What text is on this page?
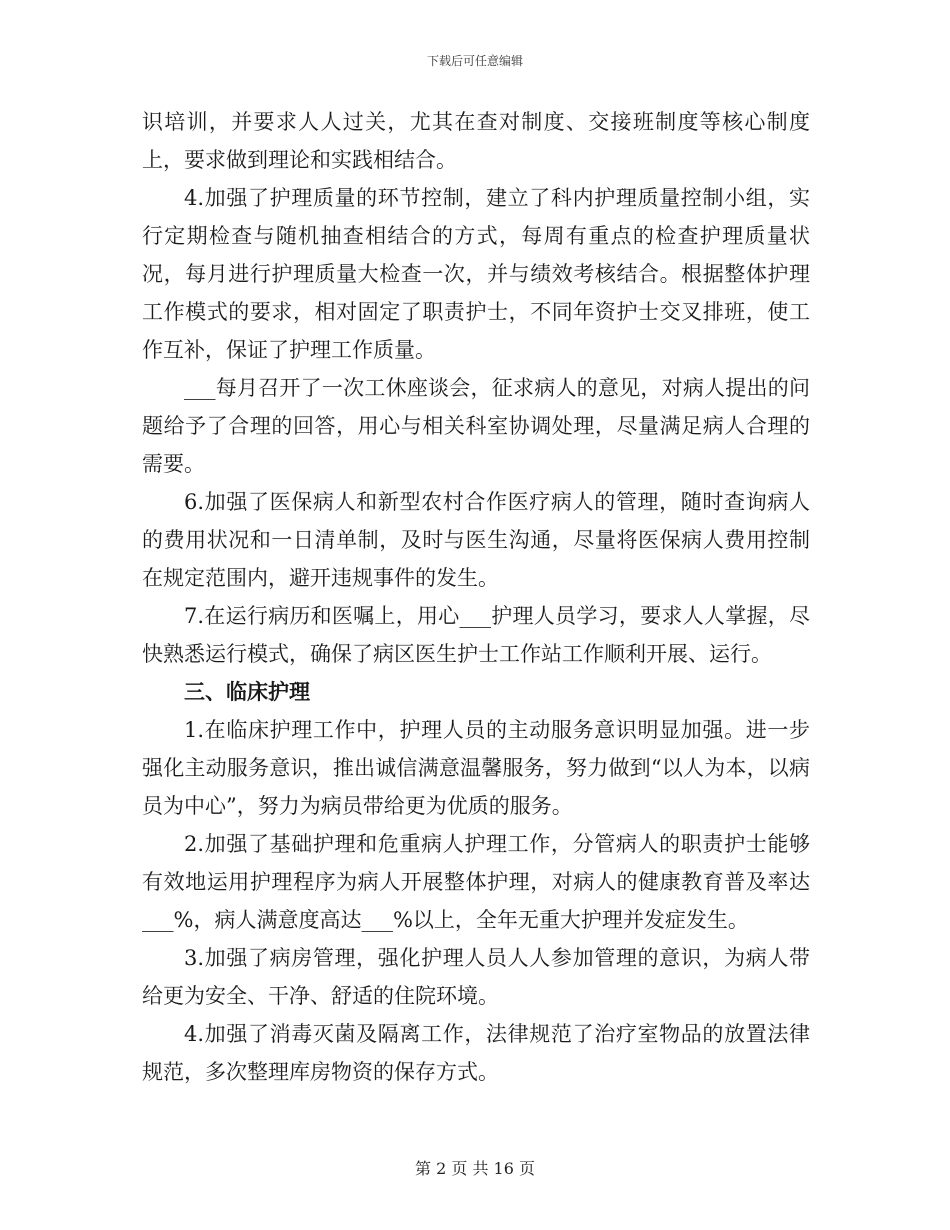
下载后可任意编辑

识培训，并要求人人过关，尤其在查对制度、交接班制度等核心制度上，要求做到理论和实践相结合。

4.加强了护理质量的环节控制，建立了科内护理质量控制小组，实行定期检查与随机抽查相结合的方式，每周有重点的检查护理质量状况，每月进行护理质量大检查一次，并与绩效考核结合。根据整体护理工作模式的要求，相对固定了职责护士，不同年资护士交叉排班，使工作互补，保证了护理工作质量。

___每月召开了一次工休座谈会，征求病人的意见，对病人提出的问题给予了合理的回答，用心与相关科室协调处理，尽量满足病人合理的需要。

6.加强了医保病人和新型农村合作医疗病人的管理，随时查询病人的费用状况和一日清单制，及时与医生沟通，尽量将医保病人费用控制在规定范围内，避开违规事件的发生。

7.在运行病历和医嘱上，用心___护理人员学习，要求人人掌握，尽快熟悉运行模式，确保了病区医生护士工作站工作顺利开展、运行。

三、临床护理

1.在临床护理工作中，护理人员的主动服务意识明显加强。进一步强化主动服务意识，推出诚信满意温馨服务，努力做到“以人为本，以病员为中心”，努力为病员带给更为优质的服务。

2.加强了基础护理和危重病人护理工作，分管病人的职责护士能够有效地运用护理程序为病人开展整体护理，对病人的健康教育普及率达___%，病人满意度高达___%以上，全年无重大护理并发症发生。

3.加强了病房管理，强化护理人员人人参加管理的意识，为病人带给更为安全、干净、舒适的住院环境。

4.加强了消毒灭菌及隔离工作，法律规范了治疗室物品的放置法律规范，多次整理库房物资的保存方式。

第 2 页 共 16 页
